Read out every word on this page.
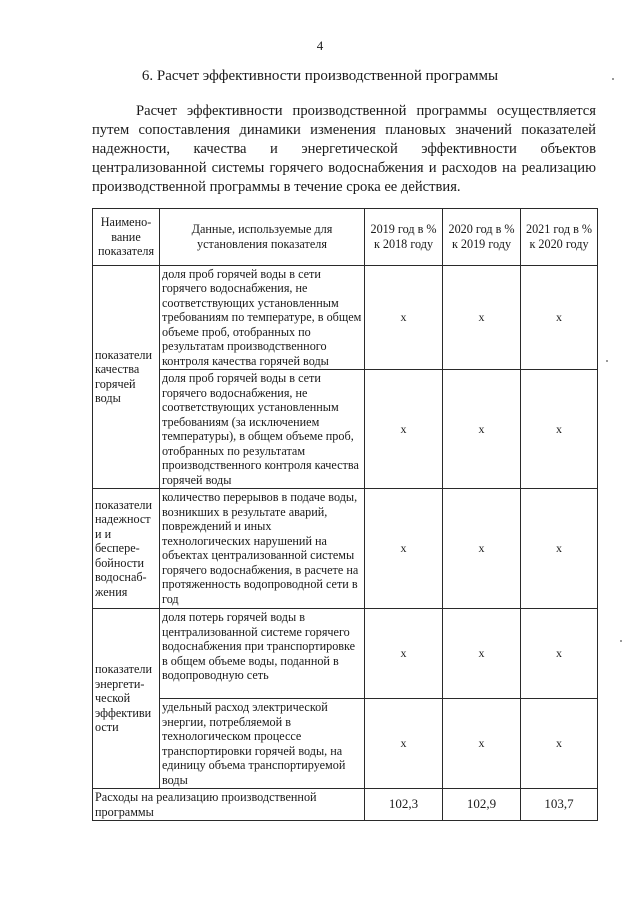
4
6. Расчет эффективности производственной программы

Расчет эффективности производственной программы осуществляется путем сопоставления динамики изменения плановых значений показателей надежности, качества и энергетической эффективности объектов централизованной системы горячего водоснабжения и расходов на реализацию производственной программы в течение срока ее действия.

Наимено-вание показателя	Данные, используемые для установления показателя	2019 год в % к 2018 году	2020 год в % к 2019 году	2021 год в % к 2020 году
показатели качества горячей воды	доля проб горячей воды в сети горячего водоснабжения, не соответствующих установленным требованиям по температуре, в общем объеме проб, отобранных по результатам производственного контроля качества горячей воды	x	x	x
	доля проб горячей воды в сети горячего водоснабжения, не соответствующих установленным требованиям (за исключением температуры), в общем объеме проб, отобранных по результатам производственного контроля качества горячей воды	x	x	x
показатели надежност и и беспере-бойности водоснаб-жения	количество перерывов в подаче воды, возникших в результате аварий, повреждений и иных технологических нарушений на объектах централизованной системы горячего водоснабжения, в расчете на протяженность водопроводной сети в год	x	x	x
показатели энергети-ческой эффективи ости	доля потерь горячей воды в централизованной системе горячего водоснабжения при транспортировке в общем объеме воды, поданной в водопроводную сеть	x	x	x
	удельный расход электрической энергии, потребляемой в технологическом процессе транспортировки горячей воды, на единицу объема транспортируемой воды	x	x	x
Расходы на реализацию производственной программы		102,3	102,9	103,7
